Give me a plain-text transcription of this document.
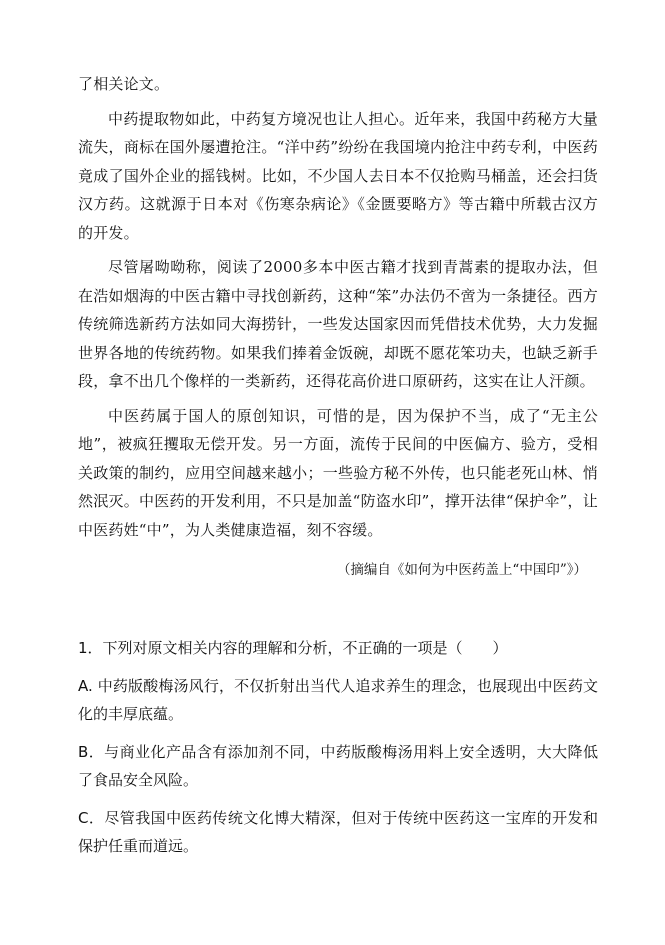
了相关论文。

中药提取物如此，中药复方境况也让人担心。近年来，我国中药秘方大量流失，商标在国外屡遭抢注。“洋中药”纷纷在我国境内抢注中药专利，中医药竟成了国外企业的摇钱树。比如，不少国人去日本不仅抢购马桶盖，还会扫货汉方药。这就源于日本对《伤寒杂病论》《金匮要略方》等古籍中所载古汉方的开发。

尽管屠呦呦称，阅读了2000多本中医古籍才找到青蒿素的提取办法，但在浩如烟海的中医古籍中寻找创新药，这种“笨”办法仍不啻为一条捷径。西方传统筛选新药方法如同大海捞针，一些发达国家因而凭借技术优势，大力发掘世界各地的传统药物。如果我们捧着金饭碗，却既不愿花笨功夫，也缺乏新手段，拿不出几个像样的一类新药，还得花高价进口原研药，这实在让人汗颜。

中医药属于国人的原创知识，可惜的是，因为保护不当，成了“无主公地”，被疯狂攫取无偿开发。另一方面，流传于民间的中医偏方、验方，受相关政策的制约，应用空间越来越小；一些验方秘不外传，也只能老死山林、悄然泯灭。中医药的开发利用，不只是加盖“防盗水印”，撑开法律“保护伞”，让中医药姓“中”，为人类健康造福，刻不容缓。

（摘编自《如何为中医药盖上“中国印”》）

1．下列对原文相关内容的理解和分析，不正确的一项是（　　）

A. 中药版酸梅汤风行，不仅折射出当代人追求养生的理念，也展现出中医药文化的丰厚底蕴。

B．与商业化产品含有添加剂不同，中药版酸梅汤用料上安全透明，大大降低了食品安全风险。

C．尽管我国中医药传统文化博大精深，但对于传统中医药这一宝库的开发和保护任重而道远。
